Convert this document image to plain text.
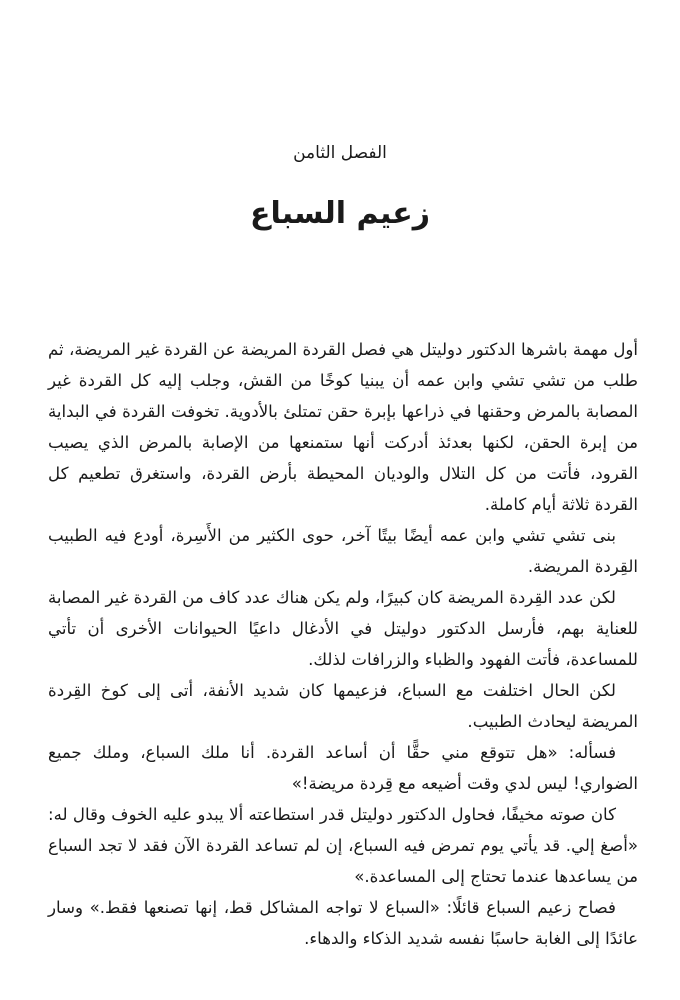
الفصل الثامن
زعيم السباع

أول مهمة باشرها الدكتور دوليتل هي فصل القردة المريضة عن القردة غير المريضة، ثم طلب من تشي تشي وابن عمه أن يبنيا كوخًا من القش، وجلب إليه كل القردة غير المصابة بالمرض وحقنها في ذراعها بإبرة حقن تمتلئ بالأدوية. تخوفت القردة في البداية من إبرة الحقن، لكنها بعدئذ أدركت أنها ستمنعها من الإصابة بالمرض الذي يصيب القرود، فأتت من كل التلال والوديان المحيطة بأرض القردة، واستغرق تطعيم كل القردة ثلاثة أيام كاملة.

بنى تشي تشي وابن عمه أيضًا بيتًا آخر، حوى الكثير من الأَسِرة، أودع فيه الطبيب القِردة المريضة.

لكن عدد القِردة المريضة كان كبيرًا، ولم يكن هناك عدد كاف من القردة غير المصابة للعناية بهم، فأرسل الدكتور دوليتل في الأدغال داعيًا الحيوانات الأخرى أن تأتي للمساعدة، فأتت الفهود والظباء والزرافات لذلك.

لكن الحال اختلفت مع السباع، فزعيمها كان شديد الأنفة، أتى إلى كوخ القِردة المريضة ليحادث الطبيب.

فسأله: «هل تتوقع مني حقًّا أن أساعد القردة. أنا ملك السباع، وملك جميع الضواري! ليس لدي وقت أضيعه مع قِردة مريضة!»

كان صوته مخيفًا، فحاول الدكتور دوليتل قدر استطاعته ألا يبدو عليه الخوف وقال له: «أصغ إلي. قد يأتي يوم تمرض فيه السباع، إن لم تساعد القردة الآن فقد لا تجد السباع من يساعدها عندما تحتاج إلى المساعدة.»

فصاح زعيم السباع قائلًا: «السباع لا تواجه المشاكل قط، إنها تصنعها فقط.» وسار عائدًا إلى الغابة حاسبًا نفسه شديد الذكاء والدهاء.
